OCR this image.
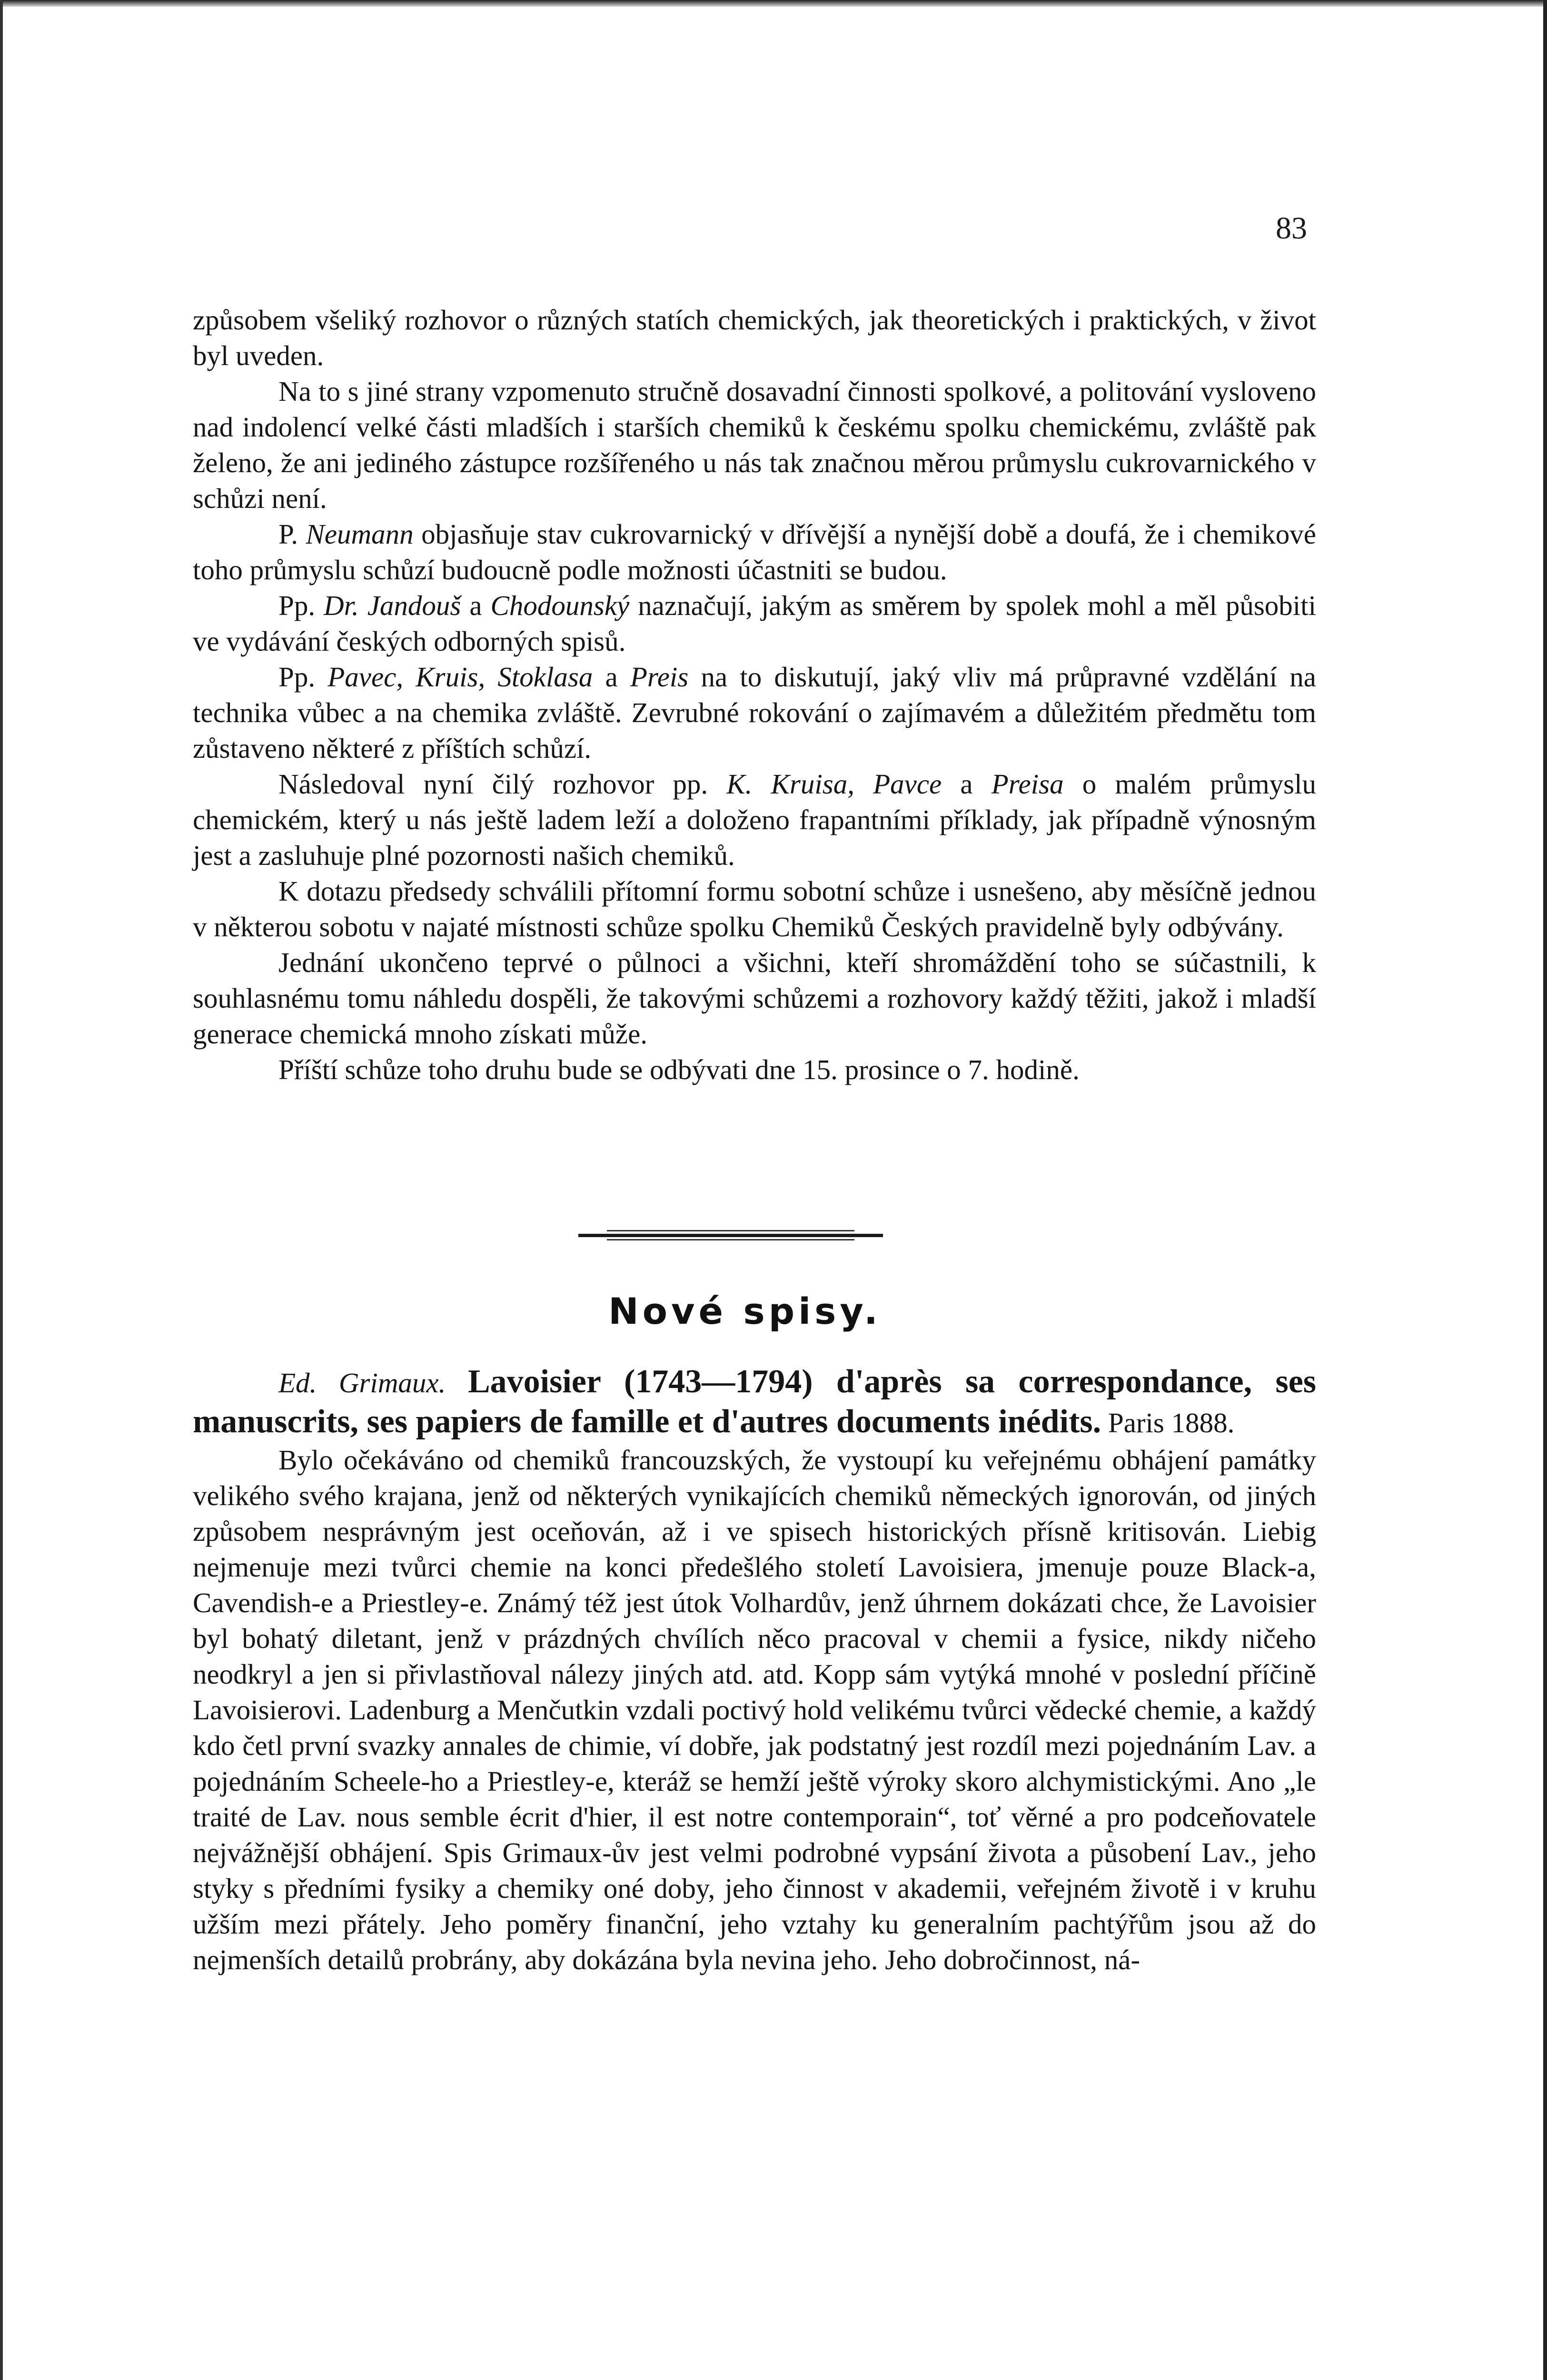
83

způsobem všeliký rozhovor o různých statích chemických, jak theoretických i praktických, v život byl uveden.

Na to s jiné strany vzpomenuto stručně dosavadní činnosti spolkové, a politování vysloveno nad indolencí velké části mladších i starších chemiků k českému spolku chemickému, zvláště pak želeno, že ani jediného zástupce rozšířeného u nás tak značnou měrou průmyslu cukrovarnického v schůzi není.

P. Neumann objasňuje stav cukrovarnický v dřívější a nynější době a doufá, že i chemikové toho průmyslu schůzí budoucně podle možnosti účastniti se budou.

Pp. Dr. Jandouš a Chodounský naznačují, jakým as směrem by spolek mohl a měl působiti ve vydávání českých odborných spisů.

Pp. Pavec, Kruis, Stoklasa a Preis na to diskutují, jaký vliv má průpravné vzdělání na technika vůbec a na chemika zvláště. Zevrubné rokování o zajímavém a důležitém předmětu tom zůstaveno některé z příštích schůzí.

Následoval nyní čilý rozhovor pp. K. Kruisa, Pavce a Preisa o malém průmyslu chemickém, který u nás ještě ladem leží a doloženo frapantními příklady, jak případně výnosným jest a zasluhuje plné pozornosti našich chemiků.

K dotazu předsedy schválili přítomní formu sobotní schůze i usnešeno, aby měsíčně jednou v některou sobotu v najaté místnosti schůze spolku Chemiků Českých pravidelně byly odbývány.

Jednání ukončeno teprvé o půlnoci a všichni, kteří shromáždění toho se súčastnili, k souhlasnému tomu náhledu dospěli, že takovými schůzemi a rozhovory každý těžiti, jakož i mladší generace chemická mnoho získati může.

Příští schůze toho druhu bude se odbývati dne 15. prosince o 7. hodině.

Nové spisy.

Ed. Grimaux. Lavoisier (1743—1794) d'après sa correspondance, ses manuscrits, ses papiers de famille et d'autres documents inédits. Paris 1888.

Bylo očekáváno od chemiků francouzských, že vystoupí ku veřejnému obhájení památky velikého svého krajana, jenž od některých vynikajících chemiků německých ignorován, od jiných způsobem nesprávným jest oceňován, až i ve spisech historických přísně kritisován. Liebig nejmenuje mezi tvůrci chemie na konci předešlého století Lavoisiera, jmenuje pouze Black-a, Cavendish-e a Priestley-e. Známý též jest útok Volhardův, jenž úhrnem dokázati chce, že Lavoisier byl bohatý diletant, jenž v prázdných chvílích něco pracoval v chemii a fysice, nikdy ničeho neodkryl a jen si přivlastňoval nálezy jiných atd. atd. Kopp sám vytýká mnohé v poslední příčině Lavoisierovi. Ladenburg a Menčutkin vzdali poctivý hold velikému tvůrci vědecké chemie, a každý kdo četl první svazky annales de chimie, ví dobře, jak podstatný jest rozdíl mezi pojednáním Lav. a pojednáním Scheele-ho a Priestley-e, kteráž se hemží ještě výroky skoro alchymistickými. Ano „le traité de Lav. nous semble écrit d'hier, il est notre contemporain“, toť věrné a pro podceňovatele nejvážnější obhájení. Spis Grimaux-ův jest velmi podrobné vypsání života a působení Lav., jeho styky s předními fysiky a chemiky oné doby, jeho činnost v akademii, veřejném životě i v kruhu užším mezi přátely. Jeho poměry finanční, jeho vztahy ku generalním pachtýřům jsou až do nejmenších detailů probrány, aby dokázána byla nevina jeho. Jeho dobročinnost, ná-
